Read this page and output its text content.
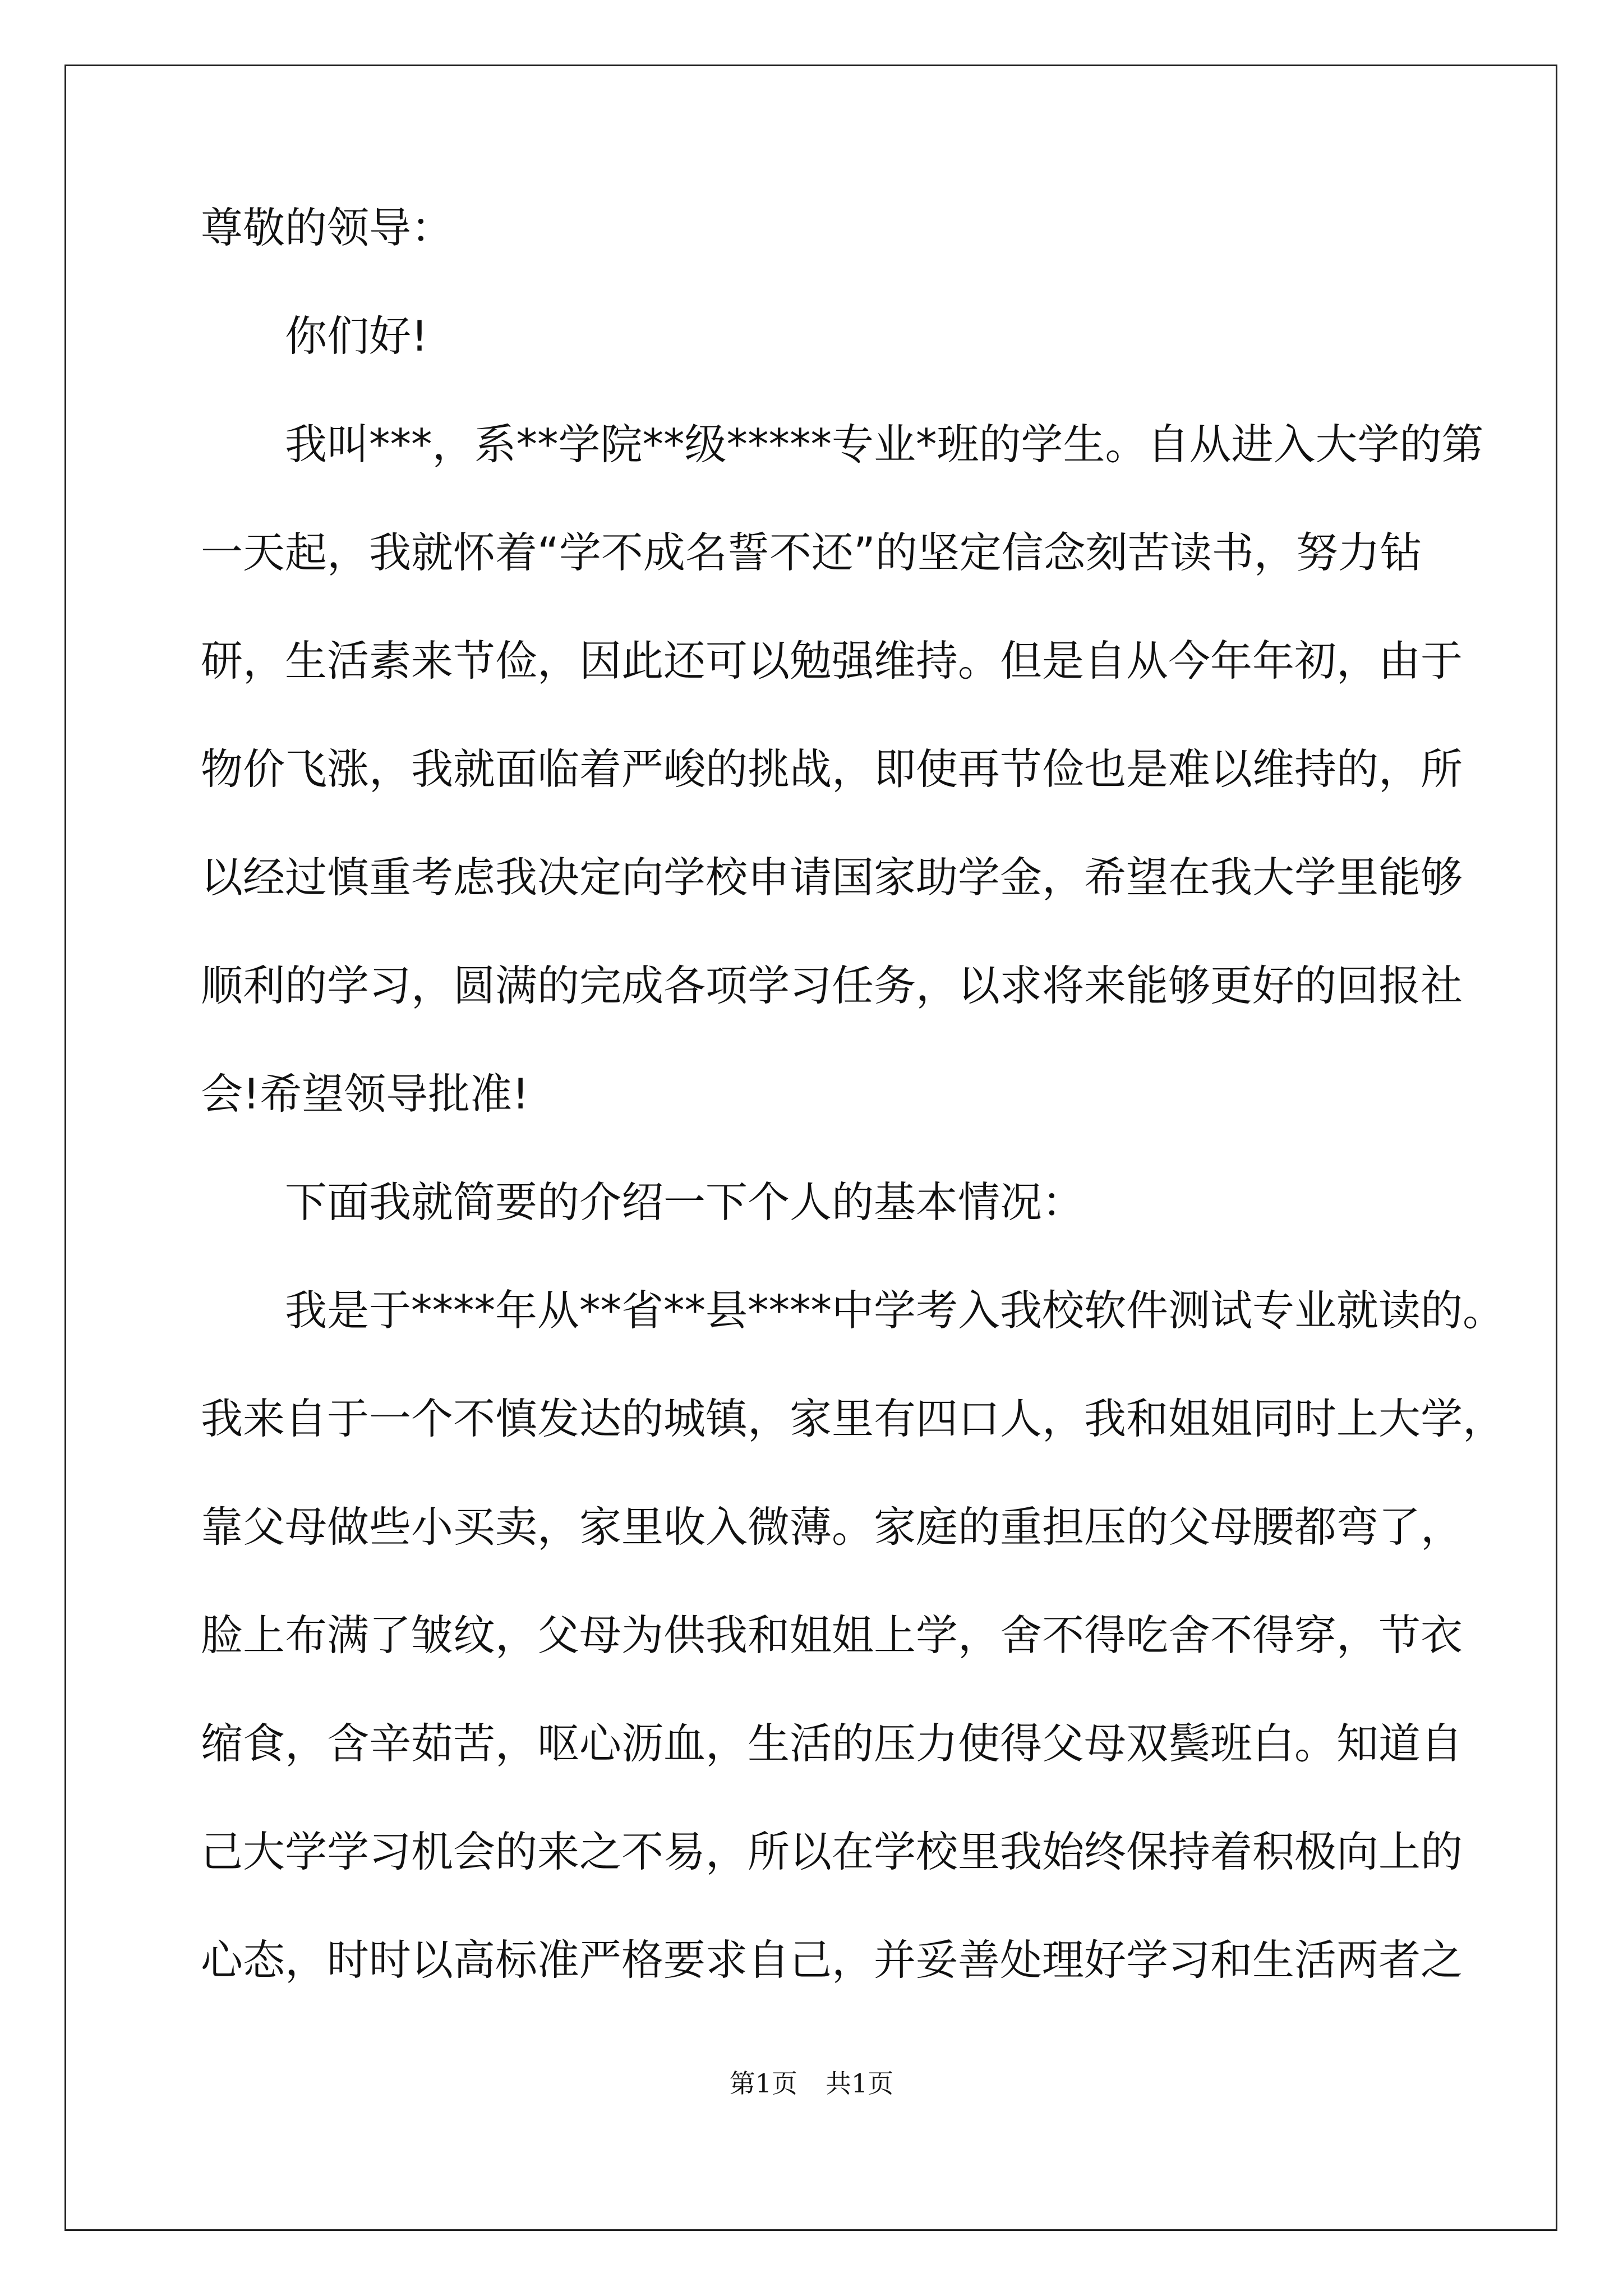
尊敬的领导：
你们好!
我叫***，系**学院**级*****专业*班的学生。自从进入大学的第
一天起，我就怀着“学不成名誓不还”的坚定信念刻苦读书，努力钻
研，生活素来节俭，因此还可以勉强维持。但是自从今年年初，由于
物价飞涨，我就面临着严峻的挑战，即使再节俭也是难以维持的，所
以经过慎重考虑我决定向学校申请国家助学金，希望在我大学里能够
顺利的学习，圆满的完成各项学习任务，以求将来能够更好的回报社
会!希望领导批准!
下面我就简要的介绍一下个人的基本情况：
我是于****年从**省**县****中学考入我校软件测试专业就读的。
我来自于一个不慎发达的城镇，家里有四口人，我和姐姐同时上大学，
靠父母做些小买卖，家里收入微薄。家庭的重担压的父母腰都弯了，
脸上布满了皱纹，父母为供我和姐姐上学，舍不得吃舍不得穿，节衣
缩食，含辛茹苦，呕心沥血，生活的压力使得父母双鬓班白。知道自
己大学学习机会的来之不易，所以在学校里我始终保持着积极向上的
心态，时时以高标准严格要求自己，并妥善处理好学习和生活两者之
第1页 共1页
